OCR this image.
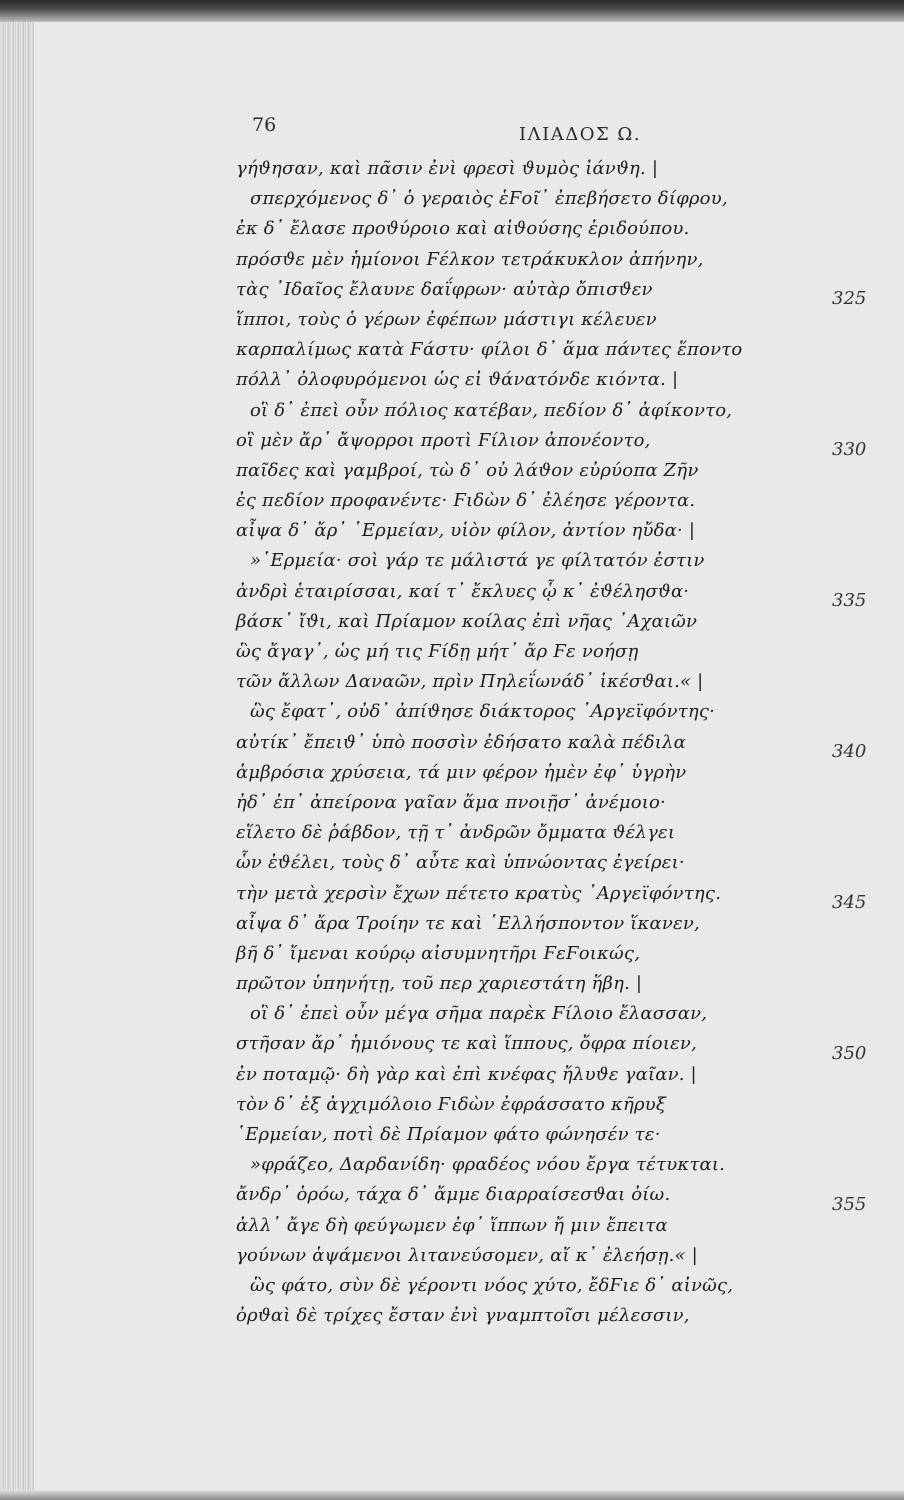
76	ΙΛΙΑΔΟΣ Ω.
γήϑησαν, καὶ πᾶσιν ἐνὶ φρεσὶ ϑυμὸς ἰάνϑη. |
σπερχόμενος δ᾽ ὁ γεραιὸς ἑϜοῖ᾽ ἐπεβήσετο δίφρου,
ἐκ δ᾽ ἔλασε προϑύροιο καὶ αἰϑούσης ἐριδούπου.
πρόσϑε μὲν ἡμίονοι Ϝέλκον τετράκυκλον ἀπήνην,
τὰς ᾽Ιδαῖος ἔλαυνε δαΐφρων· αὐτὰρ ὄπισϑεν
ἵπποι, τοὺς ὁ γέρων ἐφέπων μάστιγι κέλευεν
καρπαλίμως κατὰ Ϝάστυ· φίλοι δ᾽ ἅμα πάντες ἕποντο
πόλλ᾽ ὀλοφυρόμενοι ὡς εἰ ϑάνατόνδε κιόντα. |
οἳ δ᾽ ἐπεὶ οὖν πόλιος κατέβαν, πεδίον δ᾽ ἀφίκοντο,
οἳ μὲν ἄρ᾽ ἄψορροι προτὶ Ϝίλιον ἀπονέοντο,
παῖδες καὶ γαμβροί, τὼ δ᾽ οὐ λάϑον εὐρύοπα Ζῆν
ἐς πεδίον προφανέντε· Ϝιδὼν δ᾽ ἐλέησε γέροντα.
αἶψα δ᾽ ἄρ᾽ ῾Ερμείαν, υἱὸν φίλον, ἀντίον ηὔδα· |
»῾Ερμεία· σοὶ γάρ τε μάλιστά γε φίλτατόν ἐστιν
ἀνδρὶ ἑταιρίσσαι, καί τ᾽ ἔκλυες ᾧ κ᾽ ἐϑέλησϑα·
βάσκ᾽ ἴϑι, καὶ Πρίαμον κοίλας ἐπὶ νῆας ᾽Αχαιῶν
ὣς ἄγαγ᾽, ὡς μή τις Ϝίδῃ μήτ᾽ ἄρ Ϝε νοήσῃ
τῶν ἄλλων Δαναῶν, πρὶν Πηλεΐωνάδ᾽ ἱκέσϑαι.« |
ὣς ἔφατ᾽, οὐδ᾽ ἀπίϑησε διάκτορος ᾽Αργεϊφόντης·
αὐτίκ᾽ ἔπειϑ᾽ ὑπὸ ποσσὶν ἐδήσατο καλὰ πέδιλα
ἀμβρόσια χρύσεια, τά μιν φέρον ἠμὲν ἐφ᾽ ὑγρὴν
ἠδ᾽ ἐπ᾽ ἀπείρονα γαῖαν ἅμα πνοιῇσ᾽ ἀνέμοιο·
εἵλετο δὲ ῥάβδον, τῇ τ᾽ ἀνδρῶν ὄμματα ϑέλγει
ὧν ἐϑέλει, τοὺς δ᾽ αὖτε καὶ ὑπνώοντας ἐγείρει·
τὴν μετὰ χερσὶν ἔχων πέτετο κρατὺς ᾽Αργεϊφόντης.
αἶψα δ᾽ ἄρα Τροίην τε καὶ ῾Ελλήσποντον ἵκανεν,
βῆ δ᾽ ἴμεναι κούρῳ αἰσυμνητῆρι ϜεϜοικώς,
πρῶτον ὑπηνήτῃ, τοῦ περ χαριεστάτη ἥβη. |
οἳ δ᾽ ἐπεὶ οὖν μέγα σῆμα παρὲκ Ϝίλοιο ἔλασσαν,
στῆσαν ἄρ᾽ ἡμιόνους τε καὶ ἵππους, ὄφρα πίοιεν,
ἐν ποταμῷ· δὴ γὰρ καὶ ἐπὶ κνέφας ἤλυϑε γαῖαν. |
τὸν δ᾽ ἐξ ἀγχιμόλοιο Ϝιδὼν ἐφράσσατο κῆρυξ
῾Ερμείαν, ποτὶ δὲ Πρίαμον φάτο φώνησέν τε·
»φράζεο, Δαρδανίδη· φραδέος νόου ἔργα τέτυκται.
ἄνδρ᾽ ὁρόω, τάχα δ᾽ ἄμμε διαρραίσεσϑαι ὀίω.
ἀλλ᾽ ἄγε δὴ φεύγωμεν ἐφ᾽ ἵππων ἤ μιν ἔπειτα
γούνων ἁψάμενοι λιτανεύσομεν, αἴ κ᾽ ἐλεήσῃ.« |
ὣς φάτο, σὺν δὲ γέροντι νόος χύτο, ἔδϜιε δ᾽ αἰνῶς,
ὀρϑαὶ δὲ τρίχες ἔσταν ἐνὶ γναμπτοῖσι μέλεσσιν,
325
330
335
340
345
350
355
